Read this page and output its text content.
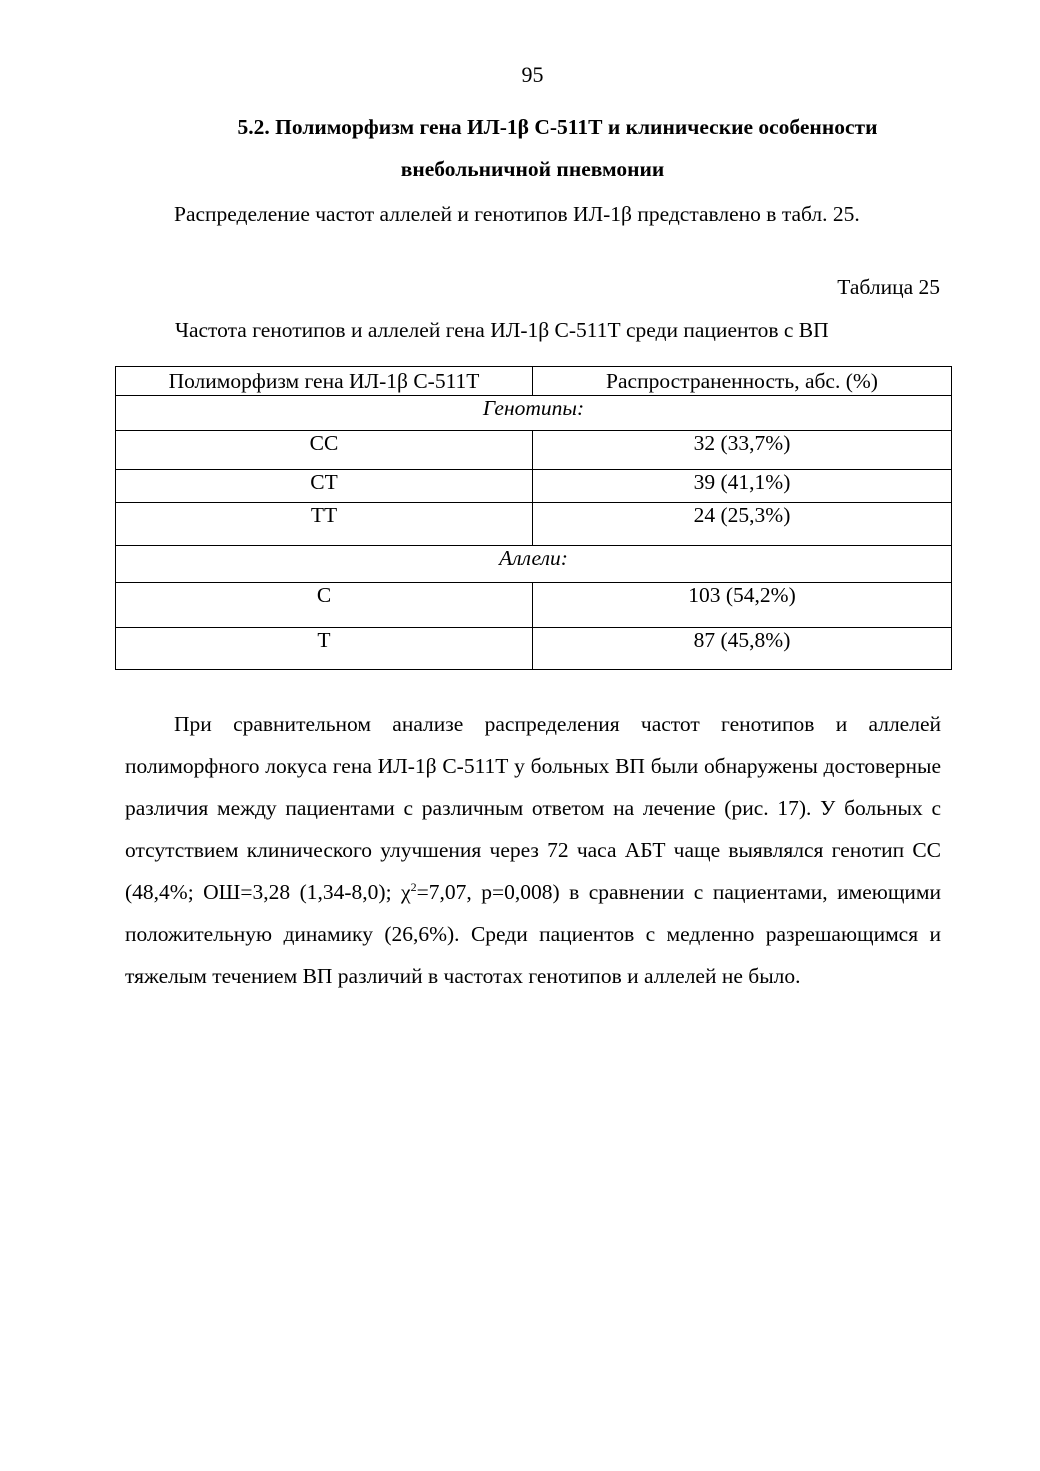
95
5.2. Полиморфизм гена ИЛ-1β С-511Т и клинические особенности
внебольничной пневмонии
Распределение частот аллелей и генотипов ИЛ-1β представлено в табл. 25.
Таблица 25
Частота генотипов и аллелей гена ИЛ-1β С-511Т среди пациентов с ВП
Полиморфизм гена ИЛ-1β С-511Т	Распространенность, абс. (%)
Генотипы:	
СС	32 (33,7%)
СТ	39 (41,1%)
ТТ	24 (25,3%)
Аллели:	
С	103 (54,2%)
Т	87 (45,8%)

При сравнительном анализе распределения частот генотипов и аллелей полиморфного локуса гена ИЛ-1β С-511Т у больных ВП были обнаружены достоверные различия между пациентами с различным ответом на лечение (рис. 17). У больных с отсутствием клинического улучшения через 72 часа АБТ чаще выявлялся генотип СС (48,4%; ОШ=3,28 (1,34-8,0); $\chi^2=7,07$, р=0,008) в сравнении с пациентами, имеющими положительную динамику (26,6%). Среди пациентов с медленно разрешающимся и тяжелым течением ВП различий в частотах генотипов и аллелей не было.
